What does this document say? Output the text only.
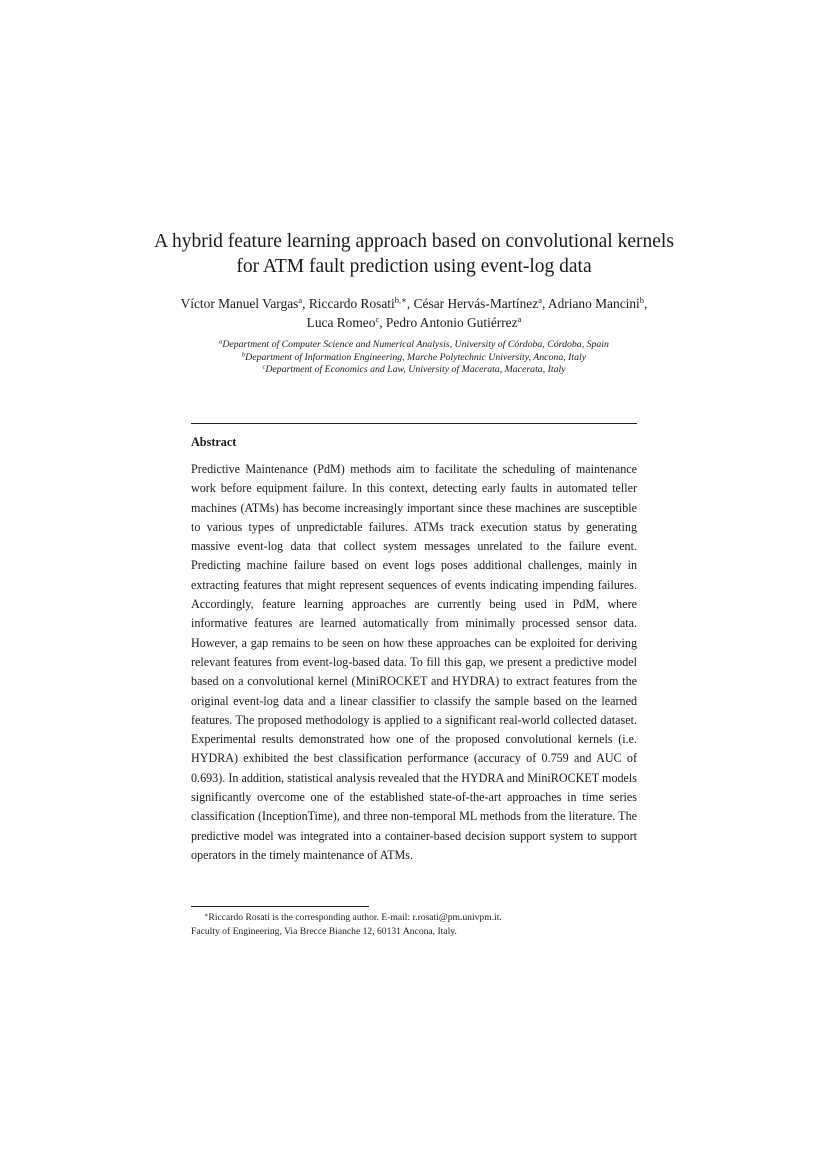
A hybrid feature learning approach based on convolutional kernels for ATM fault prediction using event-log data
Víctor Manuel Vargas$^a$, Riccardo Rosati$^{b,∗}$, César Hervás-Martínez$^a$, Adriano Mancini$^b$, Luca Romeo$^c$, Pedro Antonio Gutiérrez$^a$
$^a$Department of Computer Science and Numerical Analysis, University of Córdoba, Córdoba, Spain
$^b$Department of Information Engineering, Marche Polytechnic University, Ancona, Italy
$^c$Department of Economics and Law, University of Macerata, Macerata, Italy
Abstract

Predictive Maintenance (PdM) methods aim to facilitate the scheduling of maintenance work before equipment failure. In this context, detecting early faults in automated teller machines (ATMs) has become increasingly important since these machines are susceptible to various types of unpredictable failures. ATMs track execution status by generating massive event-log data that collect system messages unrelated to the failure event. Predicting machine failure based on event logs poses additional challenges, mainly in extracting features that might represent sequences of events indicating impending failures. Accordingly, feature learning approaches are currently being used in PdM, where informative features are learned automatically from minimally processed sensor data. However, a gap remains to be seen on how these approaches can be exploited for deriving relevant features from event-log-based data. To fill this gap, we present a predictive model based on a convolutional kernel (MiniROCKET and HYDRA) to extract features from the original event-log data and a linear classifier to classify the sample based on the learned features. The proposed methodology is applied to a significant real-world collected dataset. Experimental results demonstrated how one of the proposed convolutional kernels (i.e. HYDRA) exhibited the best classification performance (accuracy of 0.759 and AUC of 0.693). In addition, statistical analysis revealed that the HYDRA and MiniROCKET models significantly overcome one of the established state-of-the-art approaches in time series classification (InceptionTime), and three non-temporal ML methods from the literature. The predictive model was integrated into a container-based decision support system to support operators in the timely maintenance of ATMs.

∗Riccardo Rosati is the corresponding author. E-mail: r.rosati@pm.univpm.it.
Faculty of Engineering, Via Brecce Bianche 12, 60131 Ancona, Italy.
